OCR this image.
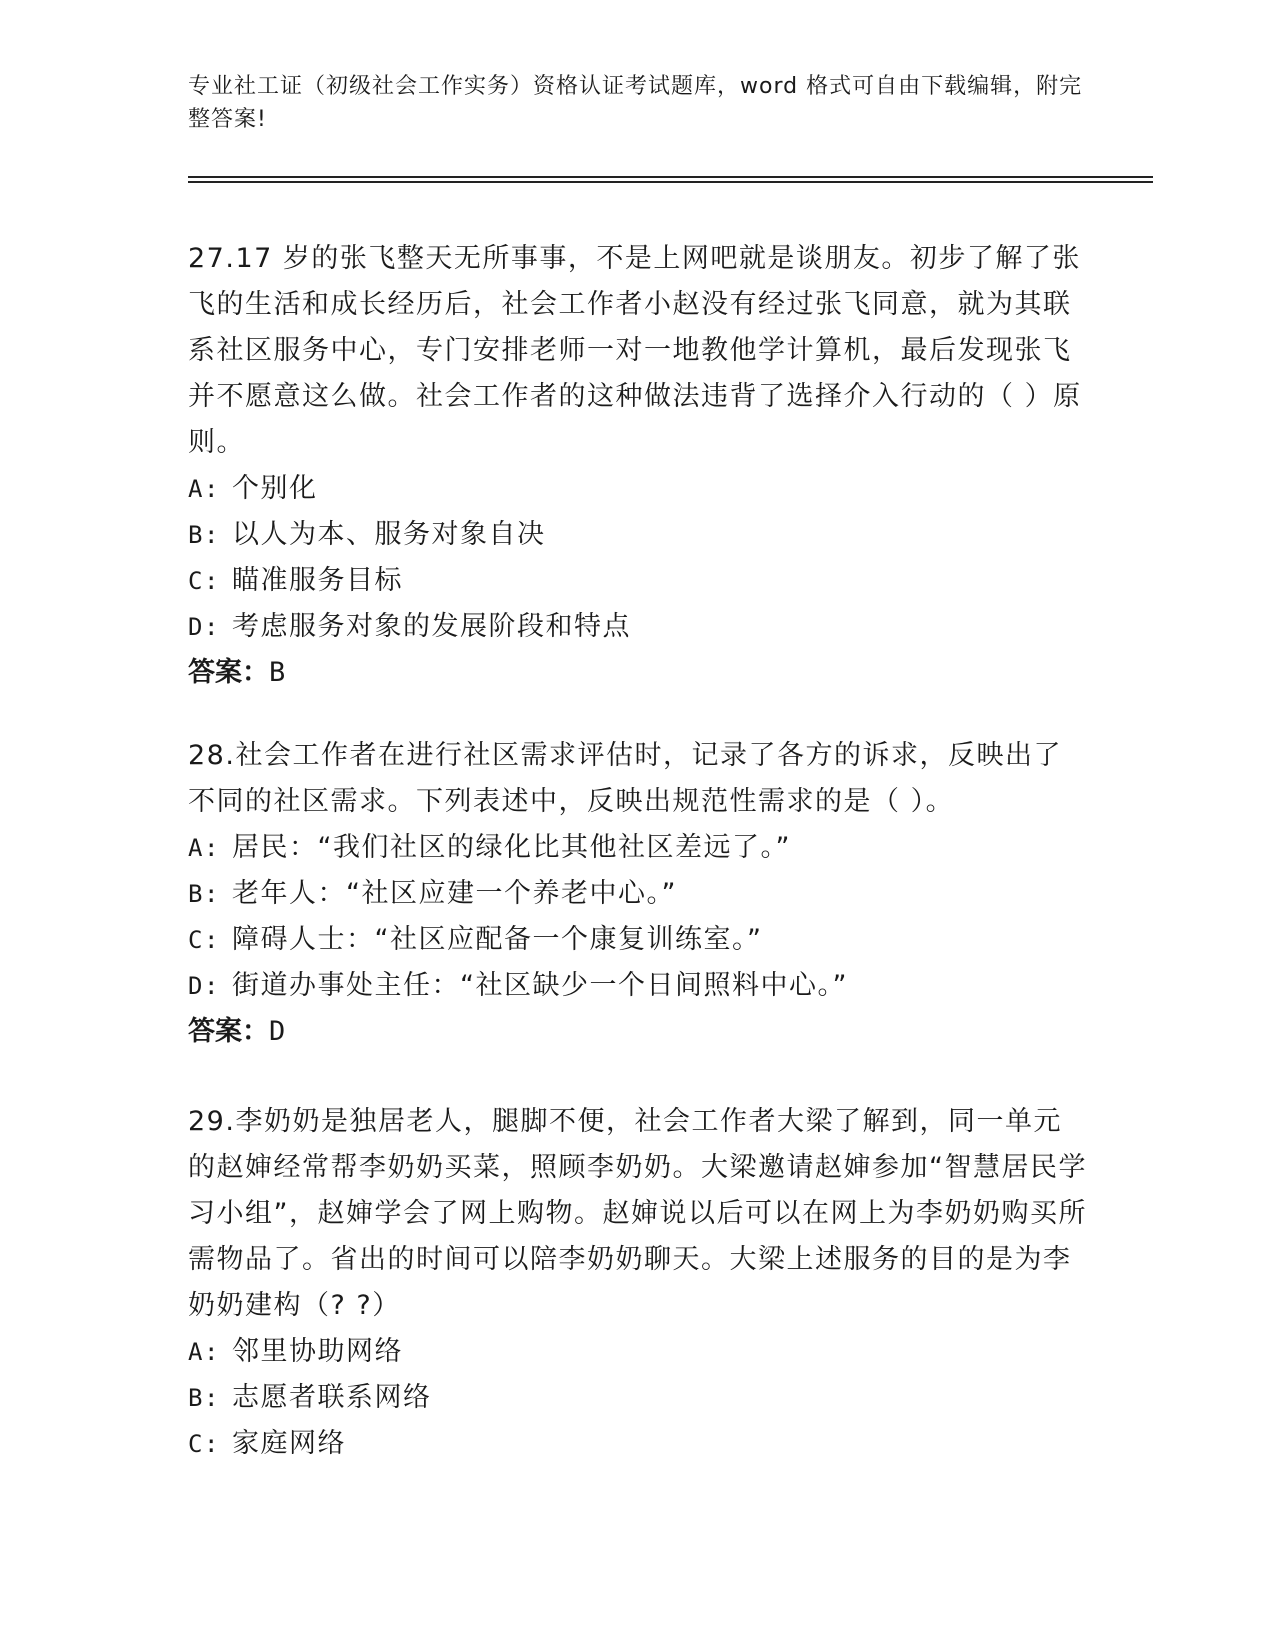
专业社工证（初级社会工作实务）资格认证考试题库，word 格式可自由下载编辑，附完整答案!

27.17 岁的张飞整天无所事事，不是上网吧就是谈朋友。初步了解了张飞的生活和成长经历后，社会工作者小赵没有经过张飞同意，就为其联系社区服务中心，专门安排老师一对一地教他学计算机，最后发现张飞并不愿意这么做。社会工作者的这种做法违背了选择介入行动的（ ）原则。

A: 个别化

B: 以人为本、服务对象自决

C: 瞄准服务目标

D: 考虑服务对象的发展阶段和特点

答案：B

28.社会工作者在进行社区需求评估时，记录了各方的诉求，反映出了不同的社区需求。下列表述中，反映出规范性需求的是（ ）。

A: 居民：“我们社区的绿化比其他社区差远了。”

B: 老年人：“社区应建一个养老中心。”

C: 障碍人士：“社区应配备一个康复训练室。”

D: 街道办事处主任：“社区缺少一个日间照料中心。”

答案：D

29.李奶奶是独居老人，腿脚不便，社会工作者大梁了解到，同一单元的赵婶经常帮李奶奶买菜，照顾李奶奶。大梁邀请赵婶参加“智慧居民学习小组”，赵婶学会了网上购物。赵婶说以后可以在网上为李奶奶购买所需物品了。省出的时间可以陪李奶奶聊天。大梁上述服务的目的是为李奶奶建构（? ?）

A: 邻里协助网络

B: 志愿者联系网络

C: 家庭网络
